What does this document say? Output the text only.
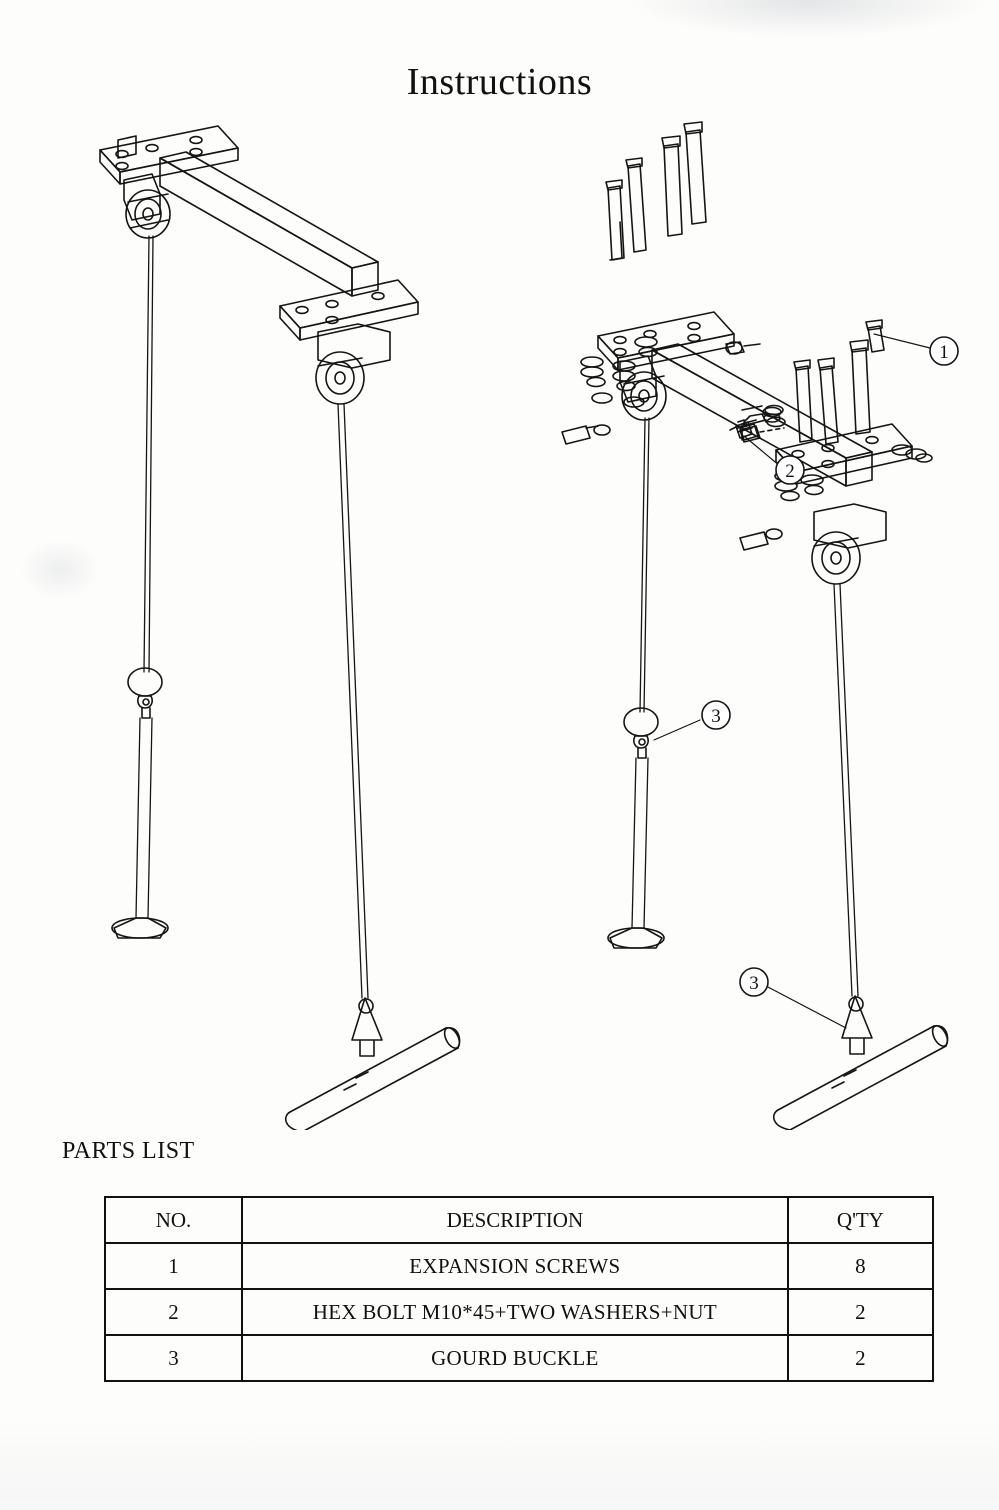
Instructions
1
2
3
3
PARTS LIST
NO.	DESCRIPTION	Q'TY
1	EXPANSION SCREWS	8
2	HEX BOLT M10*45+TWO WASHERS+NUT	2
3	GOURD BUCKLE	2
